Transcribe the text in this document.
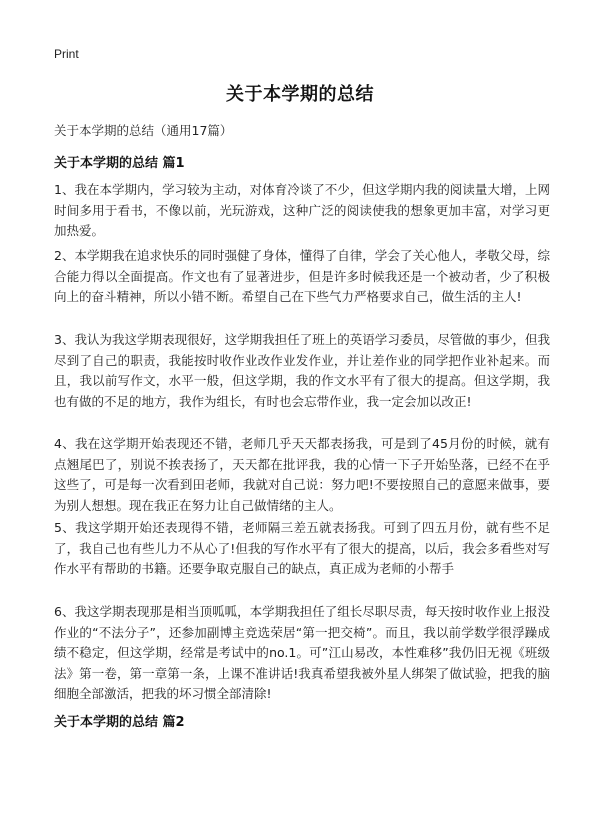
Print
关于本学期的总结
关于本学期的总结（通用17篇）
关于本学期的总结 篇1
1、我在本学期内，学习较为主动，对体育冷谈了不少，但这学期内我的阅读量大增，上网时间多用于看书，不像以前，光玩游戏，这种广泛的阅读使我的想象更加丰富，对学习更加热爱。
2、本学期我在追求快乐的同时强健了身体，懂得了自律，学会了关心他人，孝敬父母，综合能力得以全面提高。作文也有了显著进步，但是许多时候我还是一个被动者，少了积极向上的奋斗精神，所以小错不断。希望自己在下些气力严格要求自己，做生活的主人!
3、我认为我这学期表现很好，这学期我担任了班上的英语学习委员，尽管做的事少，但我尽到了自己的职责，我能按时收作业改作业发作业，并让差作业的同学把作业补起来。而且，我以前写作文，水平一般，但这学期，我的作文水平有了很大的提高。但这学期，我也有做的不足的地方，我作为组长，有时也会忘带作业，我一定会加以改正!
4、我在这学期开始表现还不错，老师几乎天天都表扬我，可是到了45月份的时候，就有点翘尾巴了，别说不挨表扬了，天天都在批评我，我的心情一下子开始坠落，已经不在乎这些了，可是每一次看到田老师，我就对自己说：努力吧!不要按照自己的意愿来做事，要为别人想想。现在我正在努力让自己做情绪的主人。
5、我这学期开始还表现得不错，老师隔三差五就表扬我。可到了四五月份，就有些不足了，我自己也有些儿力不从心了!但我的写作水平有了很大的提高，以后，我会多看些对写作水平有帮助的书籍。还要争取克服自己的缺点，真正成为老师的小帮手
6、我这学期表现那是相当顶呱呱，本学期我担任了组长尽职尽责，每天按时收作业上报没作业的“不法分子”，还参加副博主竞选荣居“第一把交椅”。而且，我以前学数学很浮躁成绩不稳定，但这学期，经常是考试中的no.1。可”江山易改，本性难移”我仍旧无视《班级法》第一卷，第一章第一条，上课不准讲话!我真希望我被外星人绑架了做试验，把我的脑细胞全部激活，把我的坏习惯全部清除!
关于本学期的总结 篇2
